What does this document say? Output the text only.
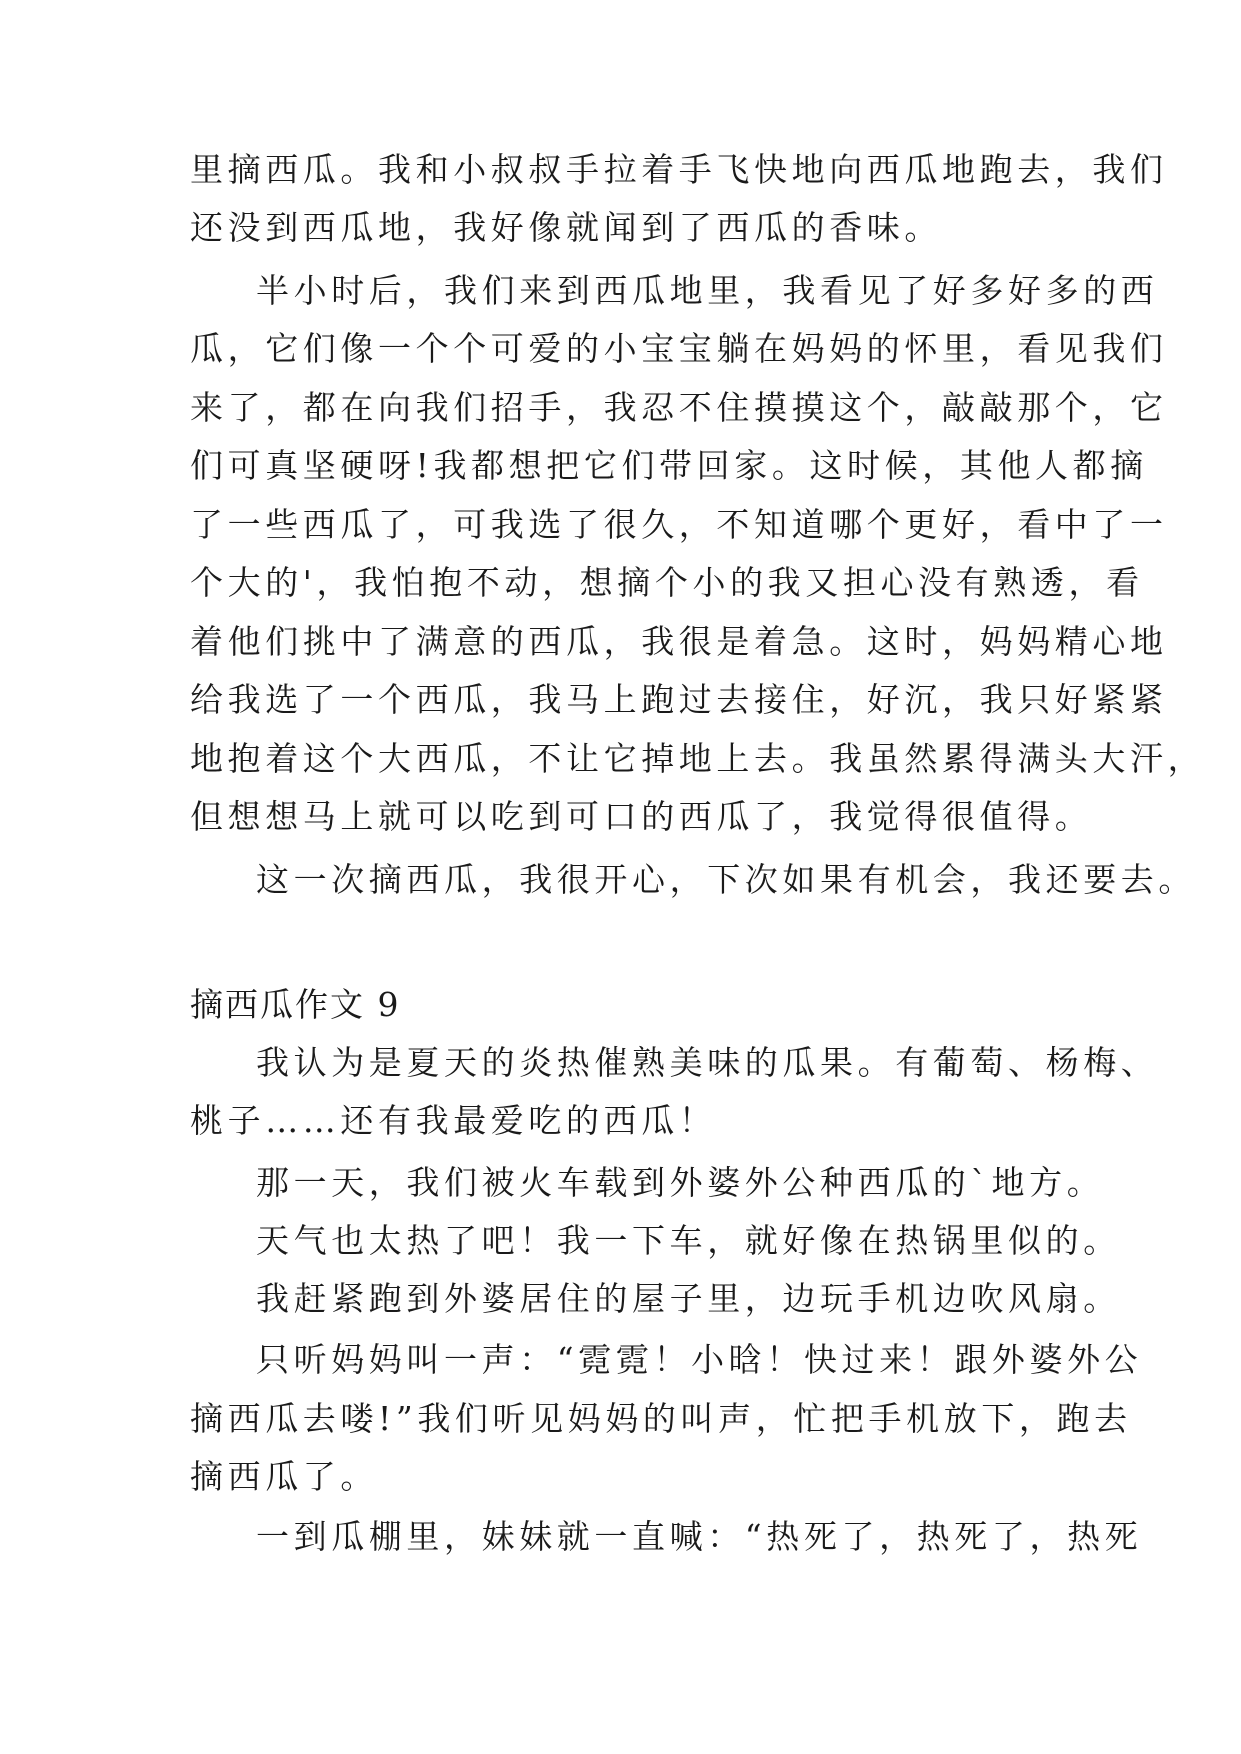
里摘西瓜。我和小叔叔手拉着手飞快地向西瓜地跑去，我们
还没到西瓜地，我好像就闻到了西瓜的香味。
半小时后，我们来到西瓜地里，我看见了好多好多的西
瓜，它们像一个个可爱的小宝宝躺在妈妈的怀里，看见我们
来了，都在向我们招手，我忍不住摸摸这个，敲敲那个，它
们可真坚硬呀!我都想把它们带回家。这时候，其他人都摘
了一些西瓜了，可我选了很久，不知道哪个更好，看中了一
个大的'，我怕抱不动，想摘个小的我又担心没有熟透，看
着他们挑中了满意的西瓜，我很是着急。这时，妈妈精心地
给我选了一个西瓜，我马上跑过去接住，好沉，我只好紧紧
地抱着这个大西瓜，不让它掉地上去。我虽然累得满头大汗，
但想想马上就可以吃到可口的西瓜了，我觉得很值得。
这一次摘西瓜，我很开心，下次如果有机会，我还要去。
摘西瓜作文 9
我认为是夏天的炎热催熟美味的瓜果。有葡萄、杨梅、
桃子……还有我最爱吃的西瓜！
那一天，我们被火车载到外婆外公种西瓜的`地方。
天气也太热了吧！我一下车，就好像在热锅里似的。
我赶紧跑到外婆居住的屋子里，边玩手机边吹风扇。
只听妈妈叫一声：“霓霓！小晗！快过来！跟外婆外公
摘西瓜去喽!”我们听见妈妈的叫声，忙把手机放下，跑去
摘西瓜了。
一到瓜棚里，妹妹就一直喊：“热死了，热死了，热死
